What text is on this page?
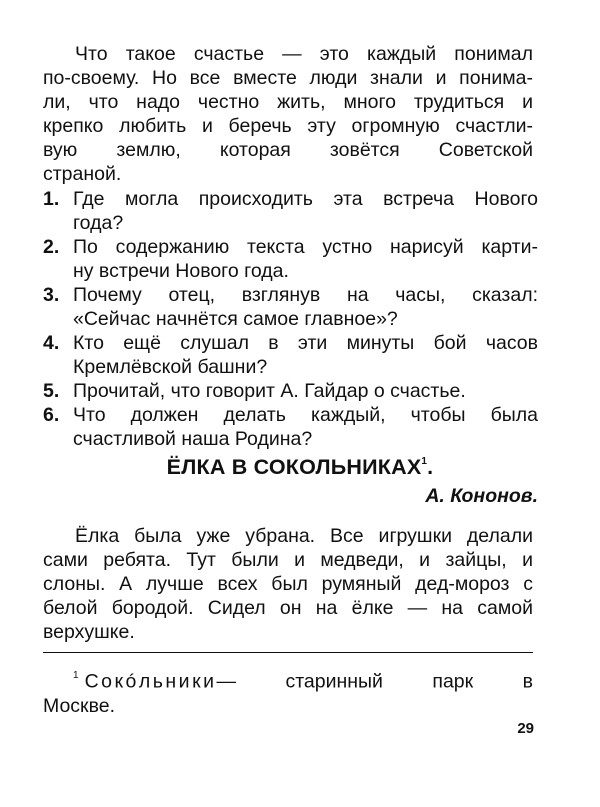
Что такое счастье — это каждый понимал
по-своему. Но все вместе люди знали и понима-
ли, что надо честно жить, много трудиться и
крепко любить и беречь эту огромную счастли-
вую землю, которая зовётся Советской
страной.
1. Где могла происходить эта встреча Нового
года?
2. По содержанию текста устно нарисуй карти-
ну встречи Нового года.
3. Почему отец, взглянув на часы, сказал:
«Сейчас начнётся самое главное»?
4. Кто ещё слушал в эти минуты бой часов
Кремлёвской башни?
5. Прочитай, что говорит А. Гайдар о счастье.
6. Что должен делать каждый, чтобы была
счастливой наша Родина?
ЁЛКА В СОКОЛЬНИКАХ$^1$.
А. Кононов.
Ёлка была уже убрана. Все игрушки делали
сами ребята. Тут были и медведи, и зайцы, и
слоны. А лучше всех был румяный дед-мороз с
белой бородой. Сидел он на ёлке — на самой
верхушке.
$^1$ Сокóльники— старинный парк в
Москве.
29
